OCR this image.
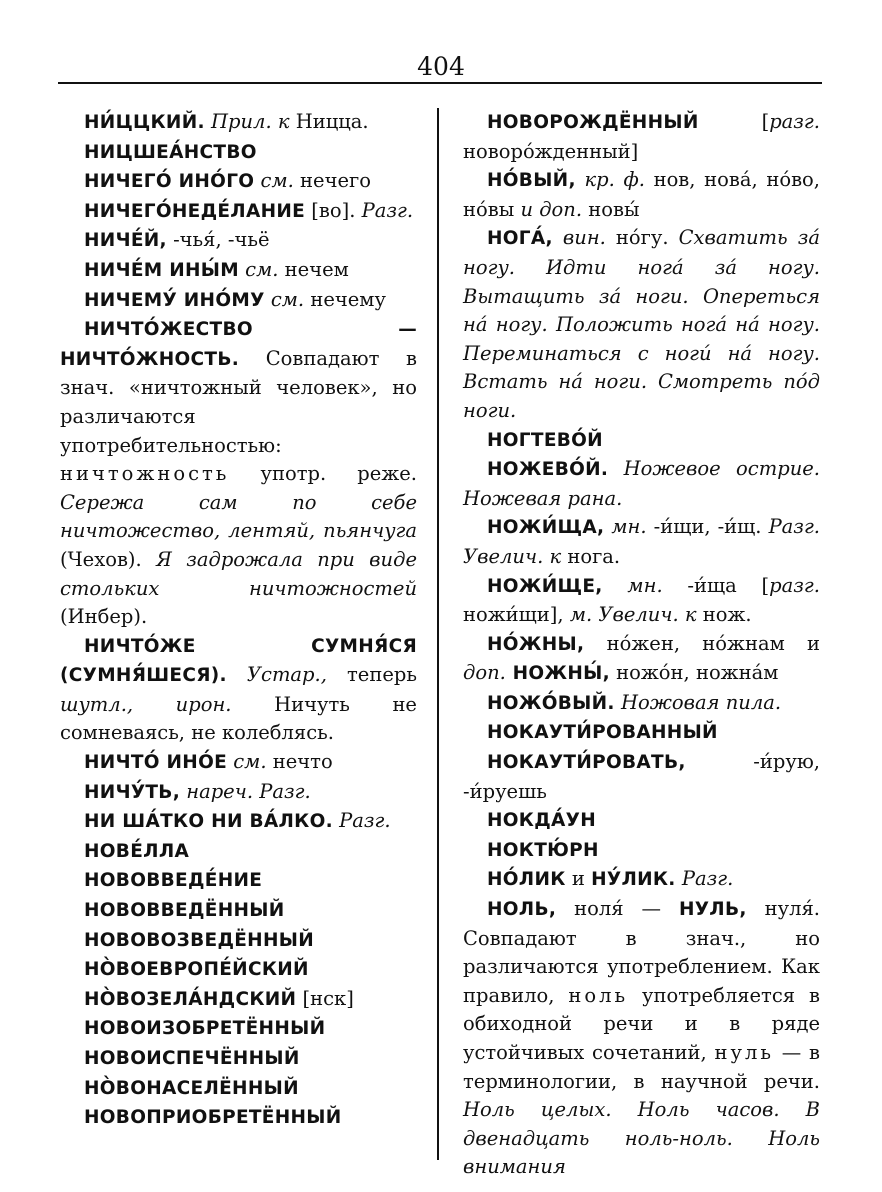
404
НИ́ЦЦКИЙ. Прил. к Ницца.
НИЦШЕА́НСТВО
НИЧЕГО́ ИНО́ГО см. нечего
НИЧЕГО́НЕДЕ́ЛАНИЕ [во]. Разг.
НИЧЕ́Й, -чья́, -чьё
НИЧЕ́М ИНЫ́М см. нечем
НИЧЕМУ́ ИНО́МУ см. нечему
НИЧТО́ЖЕСТВО — НИЧТО́ЖНОСТЬ. Совпадают в знач. «ничтожный человек», но различаются употребительностью: ничтожность употр. реже. Сережа сам по себе ничтожество, лентяй, пьянчуга (Чехов). Я задрожала при виде стольких ничтожностей (Инбер).
НИЧТО́ЖЕ СУМНЯ́СЯ (СУМНЯ́ШЕСЯ). Устар., теперь шутл., ирон. Ничуть не сомневаясь, не колеблясь.
НИЧТО́ ИНО́Е см. нечто
НИЧУ́ТЬ, нареч. Разг.
НИ ША́ТКО НИ ВА́ЛКО. Разг.
НОВЕ́ЛЛА
НОВОВВЕДЕ́НИЕ
НОВОВВЕДЁННЫЙ
НОВОВОЗВЕДЁННЫЙ
НО̀ВОЕВРОПЕ́ЙСКИЙ
НО̀ВОЗЕЛА́НДСКИЙ [нск]
НОВОИЗОБРЕТЁННЫЙ
НОВОИСПЕЧЁННЫЙ
НО̀ВОНАСЕЛЁННЫЙ
НОВОПРИОБРЕТЁННЫЙ
НОВОРОЖДЁННЫЙ [разг. новоро́жденный]
НО́ВЫЙ, кр. ф. нов, нова́, но́во, но́вы и доп. новы́
НОГА́, вин. но́гу. Схватить за́ ногу. Идти нога́ за́ ногу. Вытащить за́ ноги. Опереться на́ ногу. Положить нога́ на́ ногу. Переминаться с ноги́ на́ ногу. Встать на́ ноги. Смотреть по́д ноги.
НОГТЕВО́Й
НОЖЕВО́Й. Ножевое острие. Ножевая рана.
НОЖИ́ЩА, мн. -и́щи, -и́щ. Разг. Увелич. к нога.
НОЖИ́ЩЕ, мн. -и́ща [разг. ножи́щи], м. Увелич. к нож.
НО́ЖНЫ, но́жен, но́жнам и доп. НОЖНЫ́, ножо́н, ножна́м
НОЖО́ВЫЙ. Ножовая пила.
НОКАУТИ́РОВАННЫЙ
НОКАУТИ́РОВАТЬ, -и́рую, -и́руешь
НОКДА́УН
НОКТЮ́РН
НО́ЛИК и НУ́ЛИК. Разг.
НОЛЬ, ноля́ — НУЛЬ, нуля́. Совпадают в знач., но различаются употреблением. Как правило, ноль употребляется в обиходной речи и в ряде устойчивых сочетаний, нуль — в терминологии, в научной речи. Ноль целых. Ноль часов. В двенадцать ноль-ноль. Ноль внимания
